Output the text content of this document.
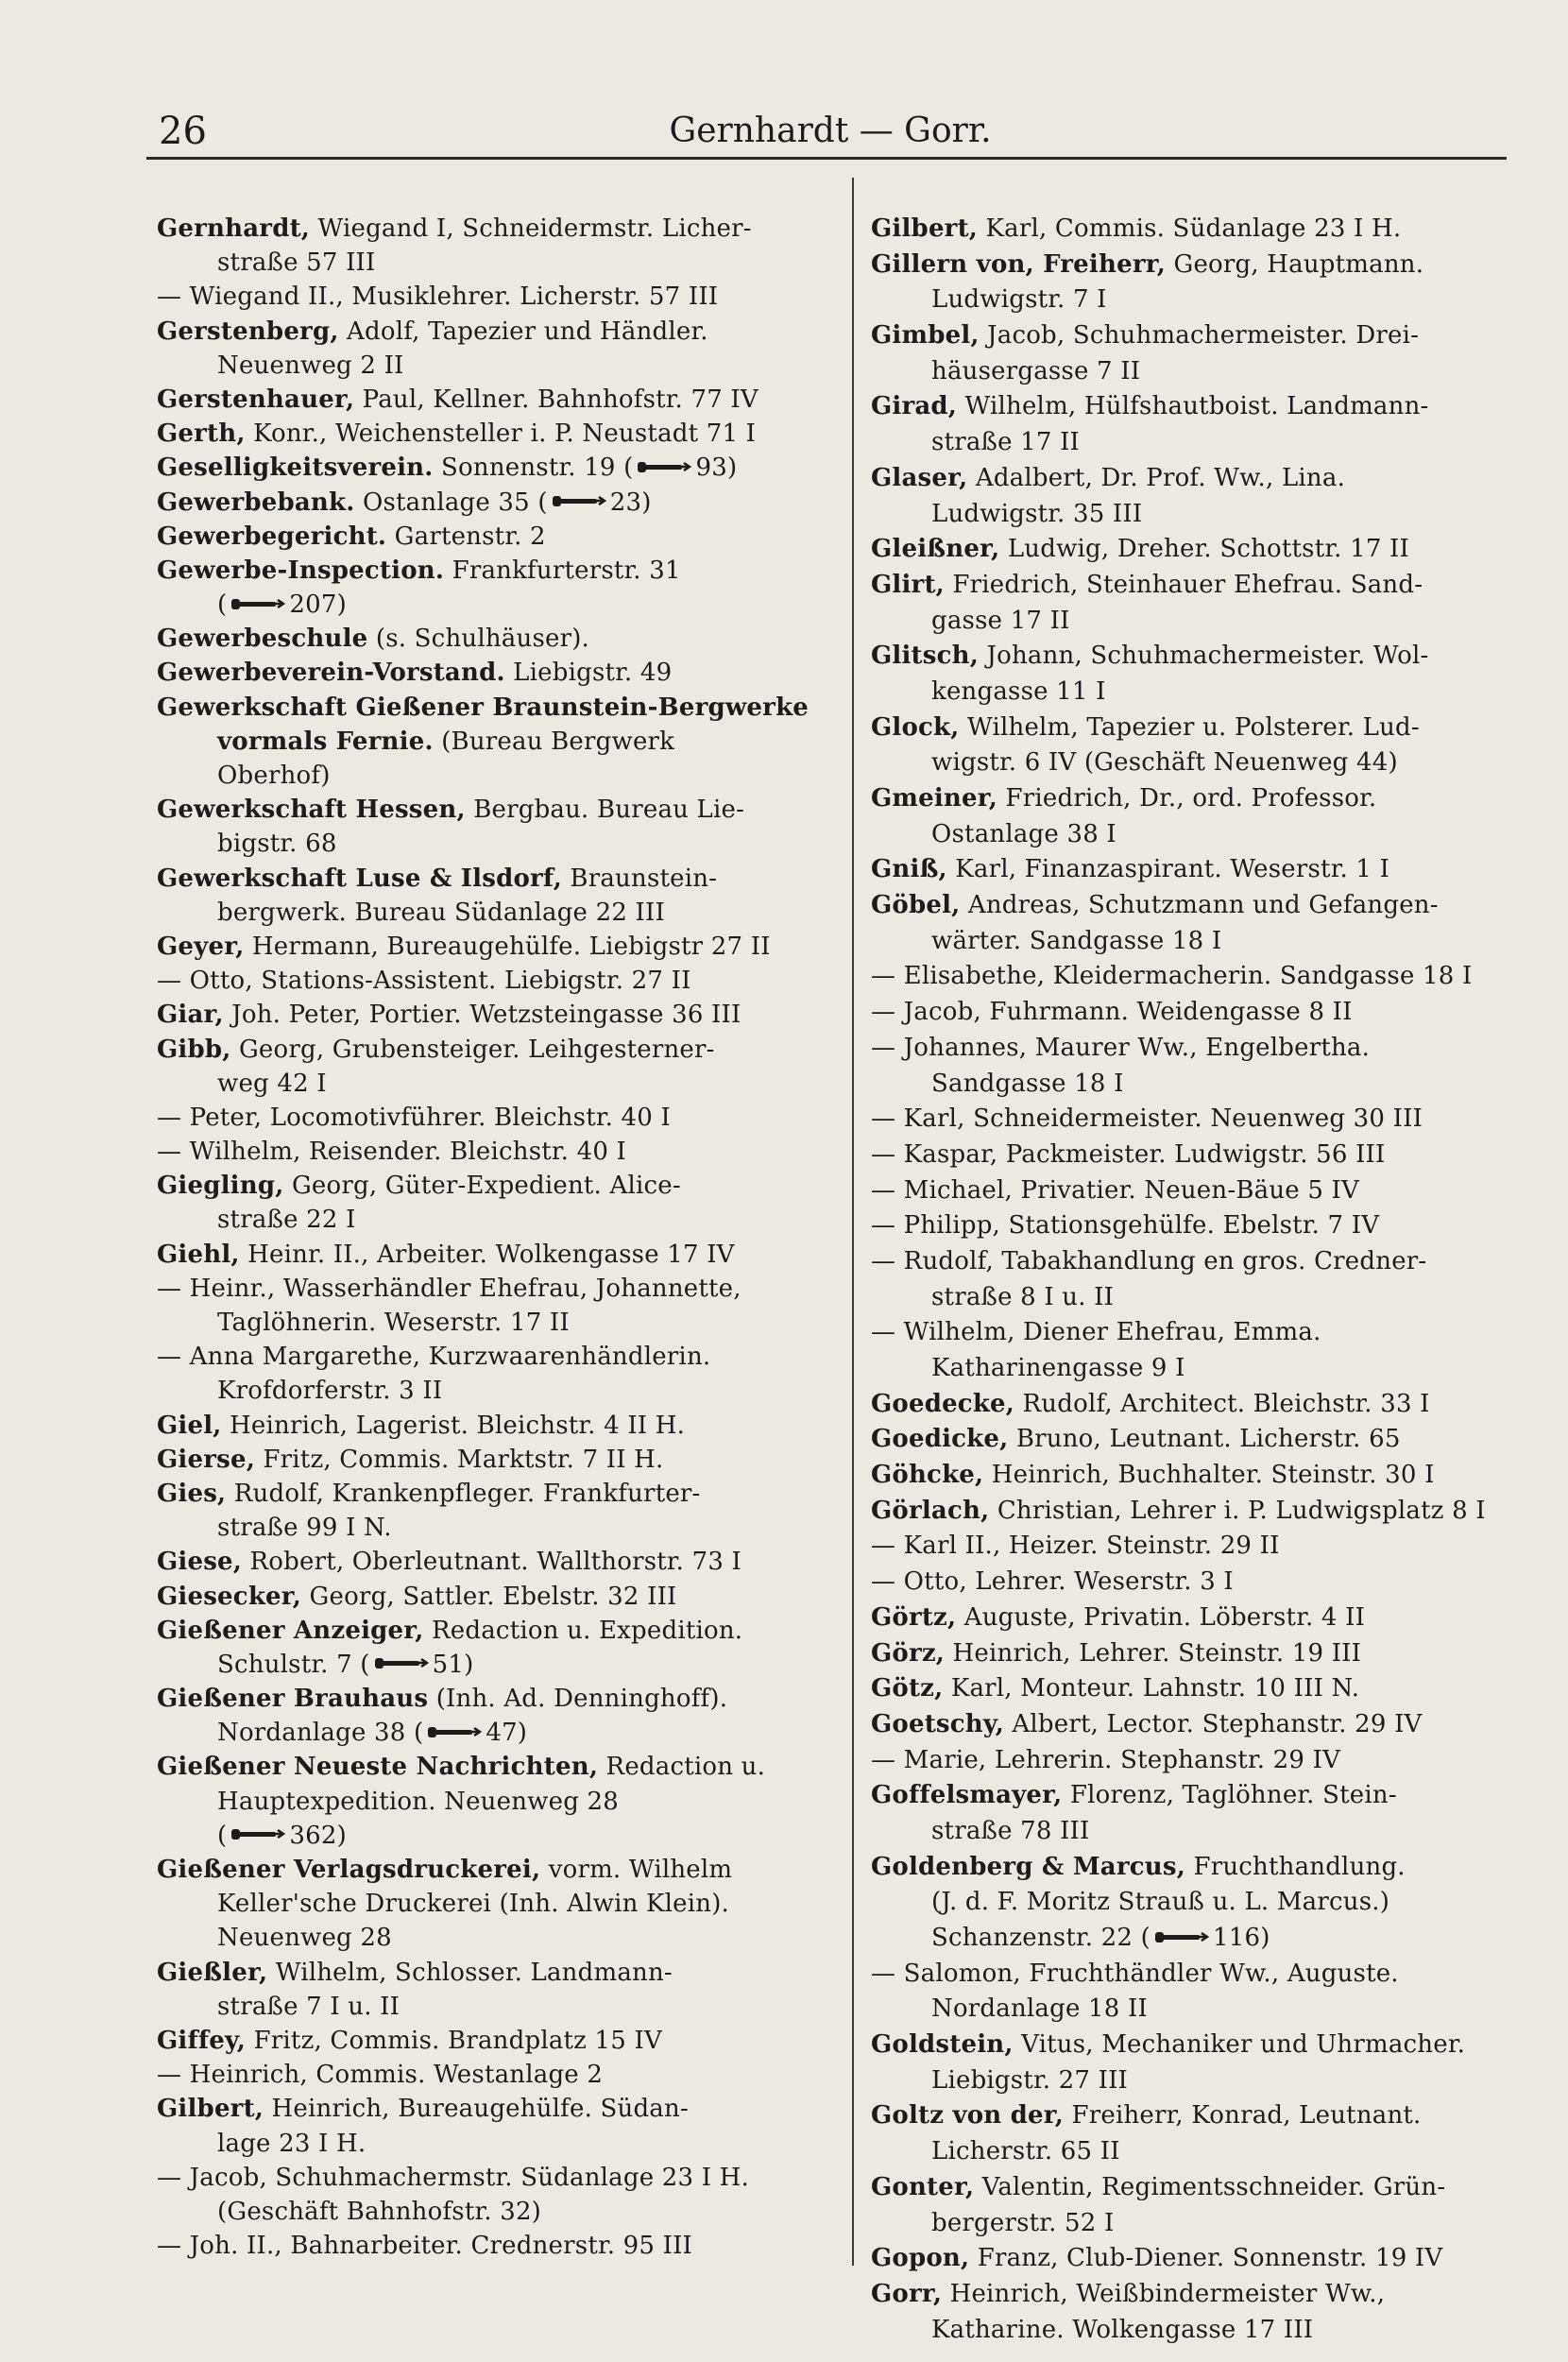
26	Gernhardt — Gorr.
Gernhardt, Wiegand I, Schneidermstr. Licher-
straße 57 III
— Wiegand II., Musiklehrer. Licherstr. 57 III
Gerstenberg, Adolf, Tapezier und Händler.
Neuenweg 2 II
Gerstenhauer, Paul, Kellner. Bahnhofstr. 77 IV
Gerth, Konr., Weichensteller i. P. Neustadt 71 I
Geselligkeitsverein. Sonnenstr. 19 (	93)
Gewerbebank. Ostanlage 35 (	23)
Gewerbegericht. Gartenstr. 2
Gewerbe-Inspection. Frankfurterstr. 31
(	207)
Gewerbeschule (s. Schulhäuser).
Gewerbeverein-Vorstand. Liebigstr. 49
Gewerkschaft Gießener Braunstein-Bergwerke
vormals Fernie. (Bureau Bergwerk
Oberhof)
Gewerkschaft Hessen, Bergbau. Bureau Lie-
bigstr. 68
Gewerkschaft Luse & Ilsdorf, Braunstein-
bergwerk. Bureau Südanlage 22 III
Geyer, Hermann, Bureaugehülfe. Liebigstr 27 II
— Otto, Stations-Assistent. Liebigstr. 27 II
Giar, Joh. Peter, Portier. Wetzsteingasse 36 III
Gibb, Georg, Grubensteiger. Leihgesterner-
weg 42 I
— Peter, Locomotivführer. Bleichstr. 40 I
— Wilhelm, Reisender. Bleichstr. 40 I
Giegling, Georg, Güter-Expedient. Alice-
straße 22 I
Giehl, Heinr. II., Arbeiter. Wolkengasse 17 IV
— Heinr., Wasserhändler Ehefrau, Johannette,
Taglöhnerin. Weserstr. 17 II
— Anna Margarethe, Kurzwaarenhändlerin.
Krofdorferstr. 3 II
Giel, Heinrich, Lagerist. Bleichstr. 4 II H.
Gierse, Fritz, Commis. Marktstr. 7 II H.
Gies, Rudolf, Krankenpfleger. Frankfurter-
straße 99 I N.
Giese, Robert, Oberleutnant. Wallthorstr. 73 I
Giesecker, Georg, Sattler. Ebelstr. 32 III
Gießener Anzeiger, Redaction u. Expedition.
Schulstr. 7 (	51)
Gießener Brauhaus (Inh. Ad. Denninghoff).
Nordanlage 38 (	47)
Gießener Neueste Nachrichten, Redaction u.
Hauptexpedition. Neuenweg 28
(	362)
Gießener Verlagsdruckerei, vorm. Wilhelm
Keller'sche Druckerei (Inh. Alwin Klein).
Neuenweg 28
Gießler, Wilhelm, Schlosser. Landmann-
straße 7 I u. II
Giffey, Fritz, Commis. Brandplatz 15 IV
— Heinrich, Commis. Westanlage 2
Gilbert, Heinrich, Bureaugehülfe. Südan-
lage 23 I H.
— Jacob, Schuhmachermstr. Südanlage 23 I H.
(Geschäft Bahnhofstr. 32)
— Joh. II., Bahnarbeiter. Crednerstr. 95 III
Gilbert, Karl, Commis. Südanlage 23 I H.
Gillern von, Freiherr, Georg, Hauptmann.
Ludwigstr. 7 I
Gimbel, Jacob, Schuhmachermeister. Drei-
häusergasse 7 II
Girad, Wilhelm, Hülfshautboist. Landmann-
straße 17 II
Glaser, Adalbert, Dr. Prof. Ww., Lina.
Ludwigstr. 35 III
Gleißner, Ludwig, Dreher. Schottstr. 17 II
Glirt, Friedrich, Steinhauer Ehefrau. Sand-
gasse 17 II
Glitsch, Johann, Schuhmachermeister. Wol-
kengasse 11 I
Glock, Wilhelm, Tapezier u. Polsterer. Lud-
wigstr. 6 IV (Geschäft Neuenweg 44)
Gmeiner, Friedrich, Dr., ord. Professor.
Ostanlage 38 I
Gniß, Karl, Finanzaspirant. Weserstr. 1 I
Göbel, Andreas, Schutzmann und Gefangen-
wärter. Sandgasse 18 I
— Elisabethe, Kleidermacherin. Sandgasse 18 I
— Jacob, Fuhrmann. Weidengasse 8 II
— Johannes, Maurer Ww., Engelbertha.
Sandgasse 18 I
— Karl, Schneidermeister. Neuenweg 30 III
— Kaspar, Packmeister. Ludwigstr. 56 III
— Michael, Privatier. Neuen-Bäue 5 IV
— Philipp, Stationsgehülfe. Ebelstr. 7 IV
— Rudolf, Tabakhandlung en gros. Credner-
straße 8 I u. II
— Wilhelm, Diener Ehefrau, Emma.
Katharinengasse 9 I
Goedecke, Rudolf, Architect. Bleichstr. 33 I
Goedicke, Bruno, Leutnant. Licherstr. 65
Göhcke, Heinrich, Buchhalter. Steinstr. 30 I
Görlach, Christian, Lehrer i. P. Ludwigsplatz 8 I
— Karl II., Heizer. Steinstr. 29 II
— Otto, Lehrer. Weserstr. 3 I
Görtz, Auguste, Privatin. Löberstr. 4 II
Görz, Heinrich, Lehrer. Steinstr. 19 III
Götz, Karl, Monteur. Lahnstr. 10 III N.
Goetschy, Albert, Lector. Stephanstr. 29 IV
— Marie, Lehrerin. Stephanstr. 29 IV
Goffelsmayer, Florenz, Taglöhner. Stein-
straße 78 III
Goldenberg & Marcus, Fruchthandlung.
(J. d. F. Moritz Strauß u. L. Marcus.)
Schanzenstr. 22 (	116)
— Salomon, Fruchthändler Ww., Auguste.
Nordanlage 18 II
Goldstein, Vitus, Mechaniker und Uhrmacher.
Liebigstr. 27 III
Goltz von der, Freiherr, Konrad, Leutnant.
Licherstr. 65 II
Gonter, Valentin, Regimentsschneider. Grün-
bergerstr. 52 I
Gopon, Franz, Club-Diener. Sonnenstr. 19 IV
Gorr, Heinrich, Weißbindermeister Ww.,
Katharine. Wolkengasse 17 III
